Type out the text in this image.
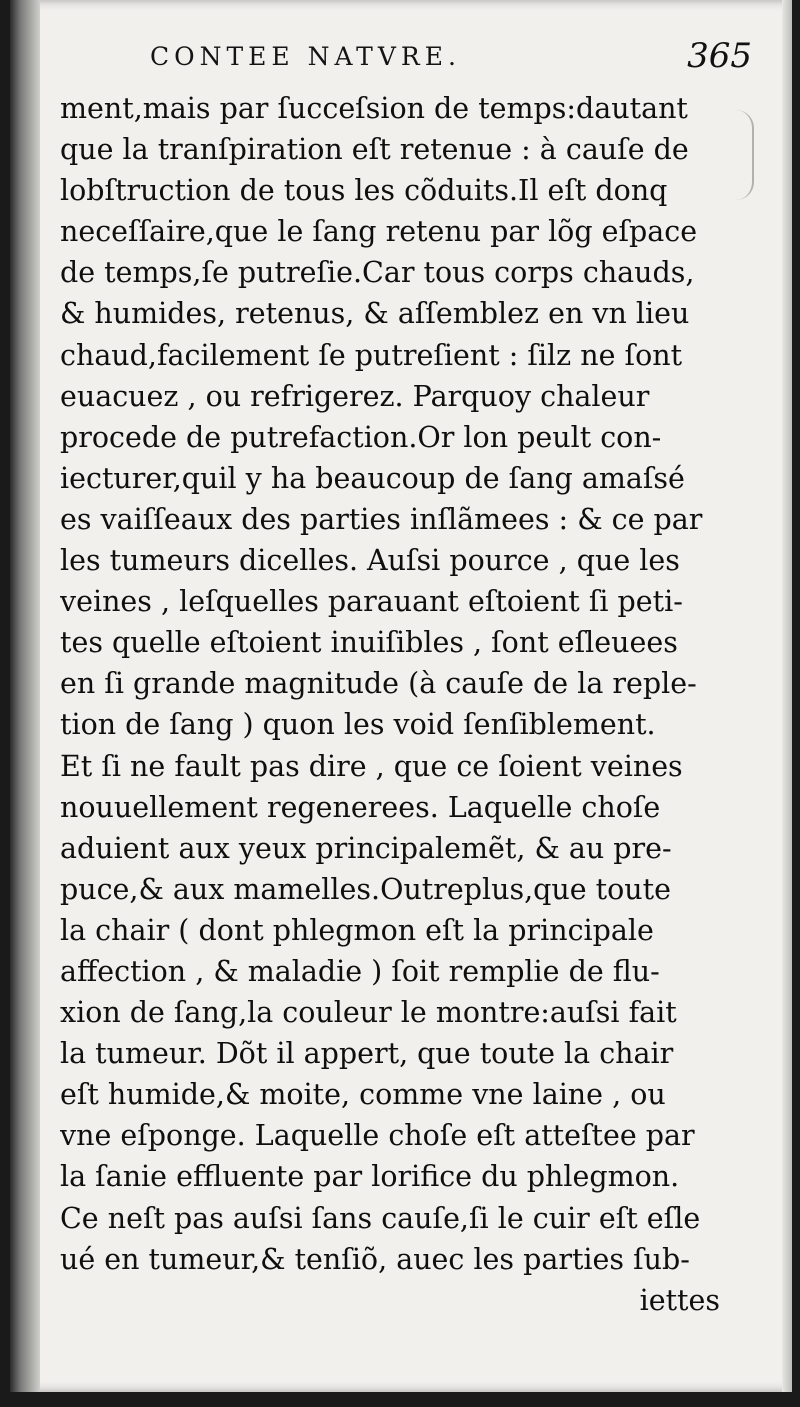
CONTEE NATVRE.	365
ment,mais par ſucceſsion de temps:dautant
que la tranſpiration eſt retenue : à cauſe de
lobſtruction de tous les cõduits.Il eſt donq
neceſſaire,que le ſang retenu par lõg eſpace
de temps,ſe putreſie.Car tous corps chauds,
& humides, retenus, & aſſemblez en vn lieu
chaud,facilement ſe putreſient : ſilz ne ſont
euacuez , ou refrigerez. Parquoy chaleur
procede de putrefaction.Or lon peult con-
iecturer,quil y ha beaucoup de ſang amaſsé
es vaiſſeaux des parties inſlãmees : & ce par
les tumeurs dicelles. Auſsi pource , que les
veines , leſquelles parauant eſtoient ſi peti-
tes quelle eſtoient inuiſibles , ſont eſleuees
en ſi grande magnitude (à cauſe de la reple-
tion de ſang ) quon les void ſenſiblement.
Et ſi ne fault pas dire , que ce ſoient veines
nouuellement regenerees. Laquelle choſe
aduient aux yeux principalemẽt, & au pre-
puce,& aux mamelles.Outreplus,que toute
la chair ( dont phlegmon eſt la principale
affection , & maladie ) ſoit remplie de flu-
xion de ſang,la couleur le montre:auſsi fait
la tumeur. Dõt il appert, que toute la chair
eſt humide,& moite, comme vne laine , ou
vne eſponge. Laquelle choſe eſt atteſtee par
la ſanie effluente par lorifice du phlegmon.
Ce neſt pas auſsi ſans cauſe,ſi le cuir eſt eſle
ué en tumeur,& tenſiõ, auec les parties ſub-
iettes
